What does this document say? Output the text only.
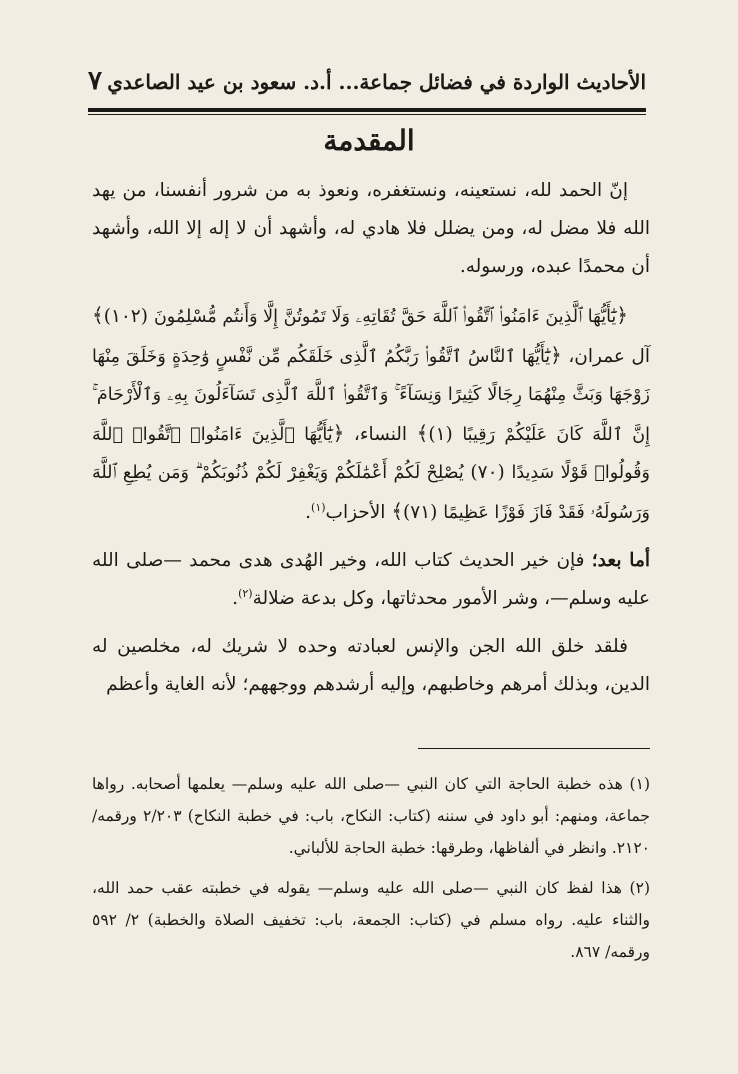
الأحاديث الواردة في فضائل جماعة... أ.د. سعود بن عيد الصاعدي
٧
المقدمة

إنّ الحمد لله، نستعينه، ونستغفره، ونعوذ به من شرور أنفسنا، من يهد الله فلا مضل له، ومن يضلل فلا هادي له، وأشهد أن لا إله إلا الله، وأشهد أن محمدًا عبده، ورسوله.

﴿يَٰٓأَيُّهَا ٱلَّذِينَ ءَامَنُوا۟ ٱتَّقُوا۟ ٱللَّهَ حَقَّ تُقَاتِهِۦ وَلَا تَمُوتُنَّ إِلَّا وَأَنتُم مُّسْلِمُونَ (١٠٢)﴾ آل عمران، ﴿يَٰٓأَيُّهَا ٱلنَّاسُ ٱتَّقُوا۟ رَبَّكُمُ ٱلَّذِى خَلَقَكُم مِّن نَّفْسٍ وَٰحِدَةٍ وَخَلَقَ مِنْهَا زَوْجَهَا وَبَثَّ مِنْهُمَا رِجَالًا كَثِيرًا وَنِسَآءً ۚ وَٱتَّقُوا۟ ٱللَّهَ ٱلَّذِى تَسَآءَلُونَ بِهِۦ وَٱلْأَرْحَامَ ۚ إِنَّ ٱللَّهَ كَانَ عَلَيْكُمْ رَقِيبًا (١)﴾ النساء، ﴿يَٰٓأَيُّهَا ٱلَّذِينَ ءَامَنُوا۟ ٱتَّقُوا۟ ٱللَّهَ وَقُولُوا۟ قَوْلًا سَدِيدًا (٧٠) يُصْلِحْ لَكُمْ أَعْمَٰلَكُمْ وَيَغْفِرْ لَكُمْ ذُنُوبَكُمْ ۗ وَمَن يُطِعِ ٱللَّهَ وَرَسُولَهُۥ فَقَدْ فَازَ فَوْزًا عَظِيمًا (٧١)﴾ الأحزاب$^{(١)}$.

أما بعد؛ فإن خير الحديث كتاب الله، وخير الهُدى هدى محمد —صلى الله عليه وسلم—، وشر الأمور محدثاتها، وكل بدعة ضلالة$^{(٢)}$.

فلقد خلق الله الجن والإنس لعبادته وحده لا شريك له، مخلصين له الدين، وبذلك أمرهم وخاطبهم، وإليه أرشدهم ووجههم؛ لأنه الغاية وأعظم

(١) هذه خطبة الحاجة التي كان النبي —صلى الله عليه وسلم— يعلمها أصحابه. رواها جماعة، ومنهم: أبو داود في سننه (كتاب: النكاح، باب: في خطبة النكاح) ٢/٢٠٣ ورقمه/ ٢١٢٠. وانظر في ألفاظها، وطرقها: خطبة الحاجة للألباني.

(٢) هذا لفظ كان النبي —صلى الله عليه وسلم— يقوله في خطبته عقب حمد الله، والثناء عليه. رواه مسلم في (كتاب: الجمعة، باب: تخفيف الصلاة والخطبة) ٢/ ٥٩٢ ورقمه/ ٨٦٧.
